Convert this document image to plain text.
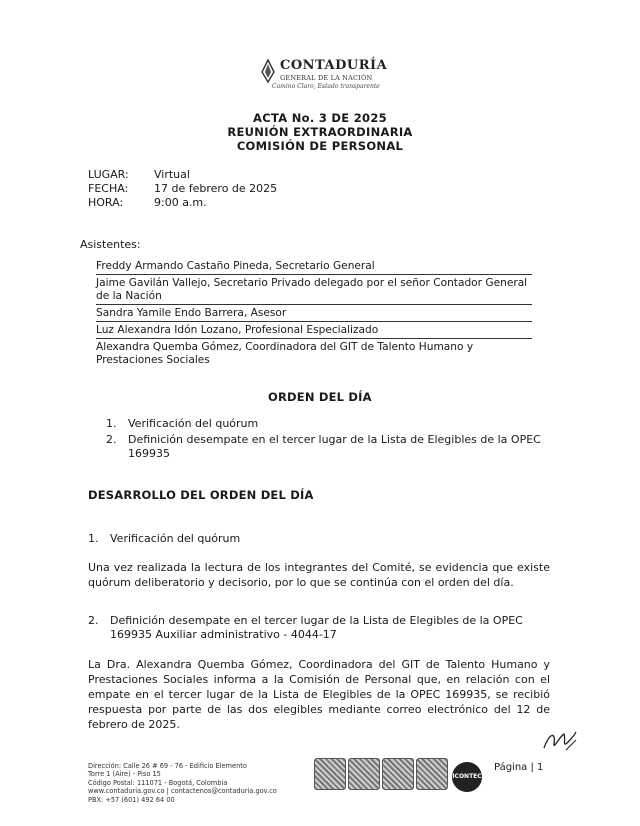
CONTADURÍA
GENERAL DE LA NACIÓN
Camino Claro, Estado transparente
ACTA No. 3 DE 2025
REUNIÓN EXTRAORDINARIA
COMISIÓN DE PERSONAL
LUGAR: Virtual
FECHA: 17 de febrero de 2025
HORA:	9:00 a.m.
Asistentes:
Freddy Armando Castaño Pineda, Secretario General
Jaime Gavilán Vallejo, Secretario Privado delegado por el señor Contador General de la Nación
Sandra Yamile Endo Barrera, Asesor
Luz Alexandra Idón Lozano, Profesional Especializado
Alexandra Quemba Gómez, Coordinadora del GIT de Talento Humano y Prestaciones Sociales
ORDEN DEL DÍA
1. Verificación del quórum
2. Definición desempate en el tercer lugar de la Lista de Elegibles de la OPEC 169935
DESARROLLO DEL ORDEN DEL DÍA
1. Verificación del quórum
Una vez realizada la lectura de los integrantes del Comité, se evidencia que existe quórum deliberatorio y decisorio, por lo que se continúa con el orden del día.
2. Definición desempate en el tercer lugar de la Lista de Elegibles de la OPEC 169935 Auxiliar administrativo - 4044-17
La Dra. Alexandra Quemba Gómez, Coordinadora del GIT de Talento Humano y Prestaciones Sociales informa a la Comisión de Personal que, en relación con el empate en el tercer lugar de la Lista de Elegibles de la OPEC 169935, se recibió respuesta por parte de las dos elegibles mediante correo electrónico del 12 de febrero de 2025.
Dirección: Calle 26 # 69 - 76 - Edificio Elemento
Torre 1 (Aire) - Piso 15
Código Postal: 111071 - Bogotá, Colombia
www.contaduria.gov.co | contactenos@contaduria.gov.co
PBX: +57 (601) 492 64 00
ICONTEC
Página | 1
